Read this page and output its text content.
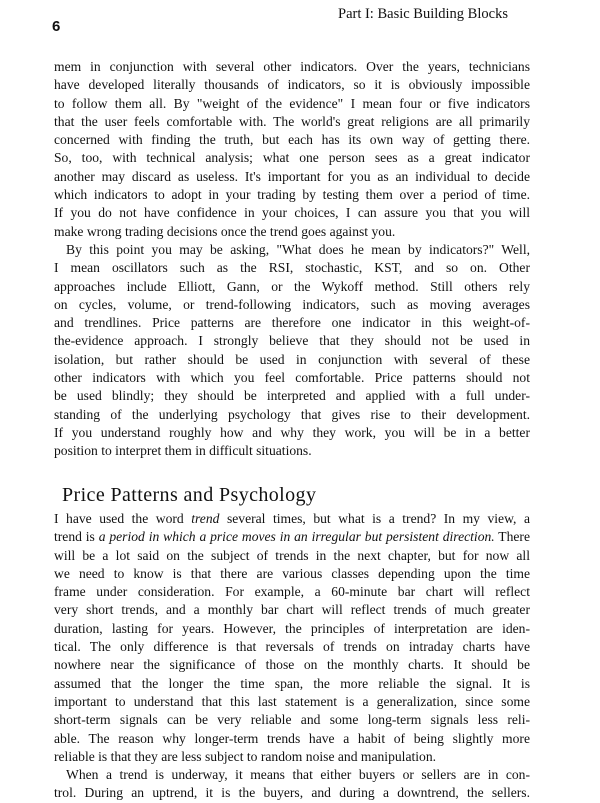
6
Part I: Basic Building Blocks
mem in conjunction with several other indicators. Over the years, technicians
have developed literally thousands of indicators, so it is obviously impossible
to follow them all. By "weight of the evidence" I mean four or five indicators
that the user feels comfortable with. The world's great religions are all primarily
concerned with finding the truth, but each has its own way of getting there.
So, too, with technical analysis; what one person sees as a great indicator
another may discard as useless. It's important for you as an individual to decide
which indicators to adopt in your trading by testing them over a period of time.
If you do not have confidence in your choices, I can assure you that you will
make wrong trading decisions once the trend goes against you.
By this point you may be asking, "What does he mean by indicators?" Well,
I mean oscillators such as the RSI, stochastic, KST, and so on. Other
approaches include Elliott, Gann, or the Wykoff method. Still others rely
on cycles, volume, or trend-following indicators, such as moving averages
and trendlines. Price patterns are therefore one indicator in this weight-of-
the-evidence approach. I strongly believe that they should not be used in
isolation, but rather should be used in conjunction with several of these
other indicators with which you feel comfortable. Price patterns should not
be used blindly; they should be interpreted and applied with a full under-
standing of the underlying psychology that gives rise to their development.
If you understand roughly how and why they work, you will be in a better
position to interpret them in difficult situations.
Price Patterns and Psychology
I have used the word trend several times, but what is a trend? In my view, a
trend is a period in which a price moves in an irregular but persistent direction. There
will be a lot said on the subject of trends in the next chapter, but for now all
we need to know is that there are various classes depending upon the time
frame under consideration. For example, a 60-minute bar chart will reflect
very short trends, and a monthly bar chart will reflect trends of much greater
duration, lasting for years. However, the principles of interpretation are iden-
tical. The only difference is that reversals of trends on intraday charts have
nowhere near the significance of those on the monthly charts. It should be
assumed that the longer the time span, the more reliable the signal. It is
important to understand that this last statement is a generalization, since some
short-term signals can be very reliable and some long-term signals less reli-
able. The reason why longer-term trends have a habit of being slightly more
reliable is that they are less subject to random noise and manipulation.
When a trend is underway, it means that either buyers or sellers are in con-
trol. During an uptrend, it is the buyers, and during a downtrend, the sellers.
